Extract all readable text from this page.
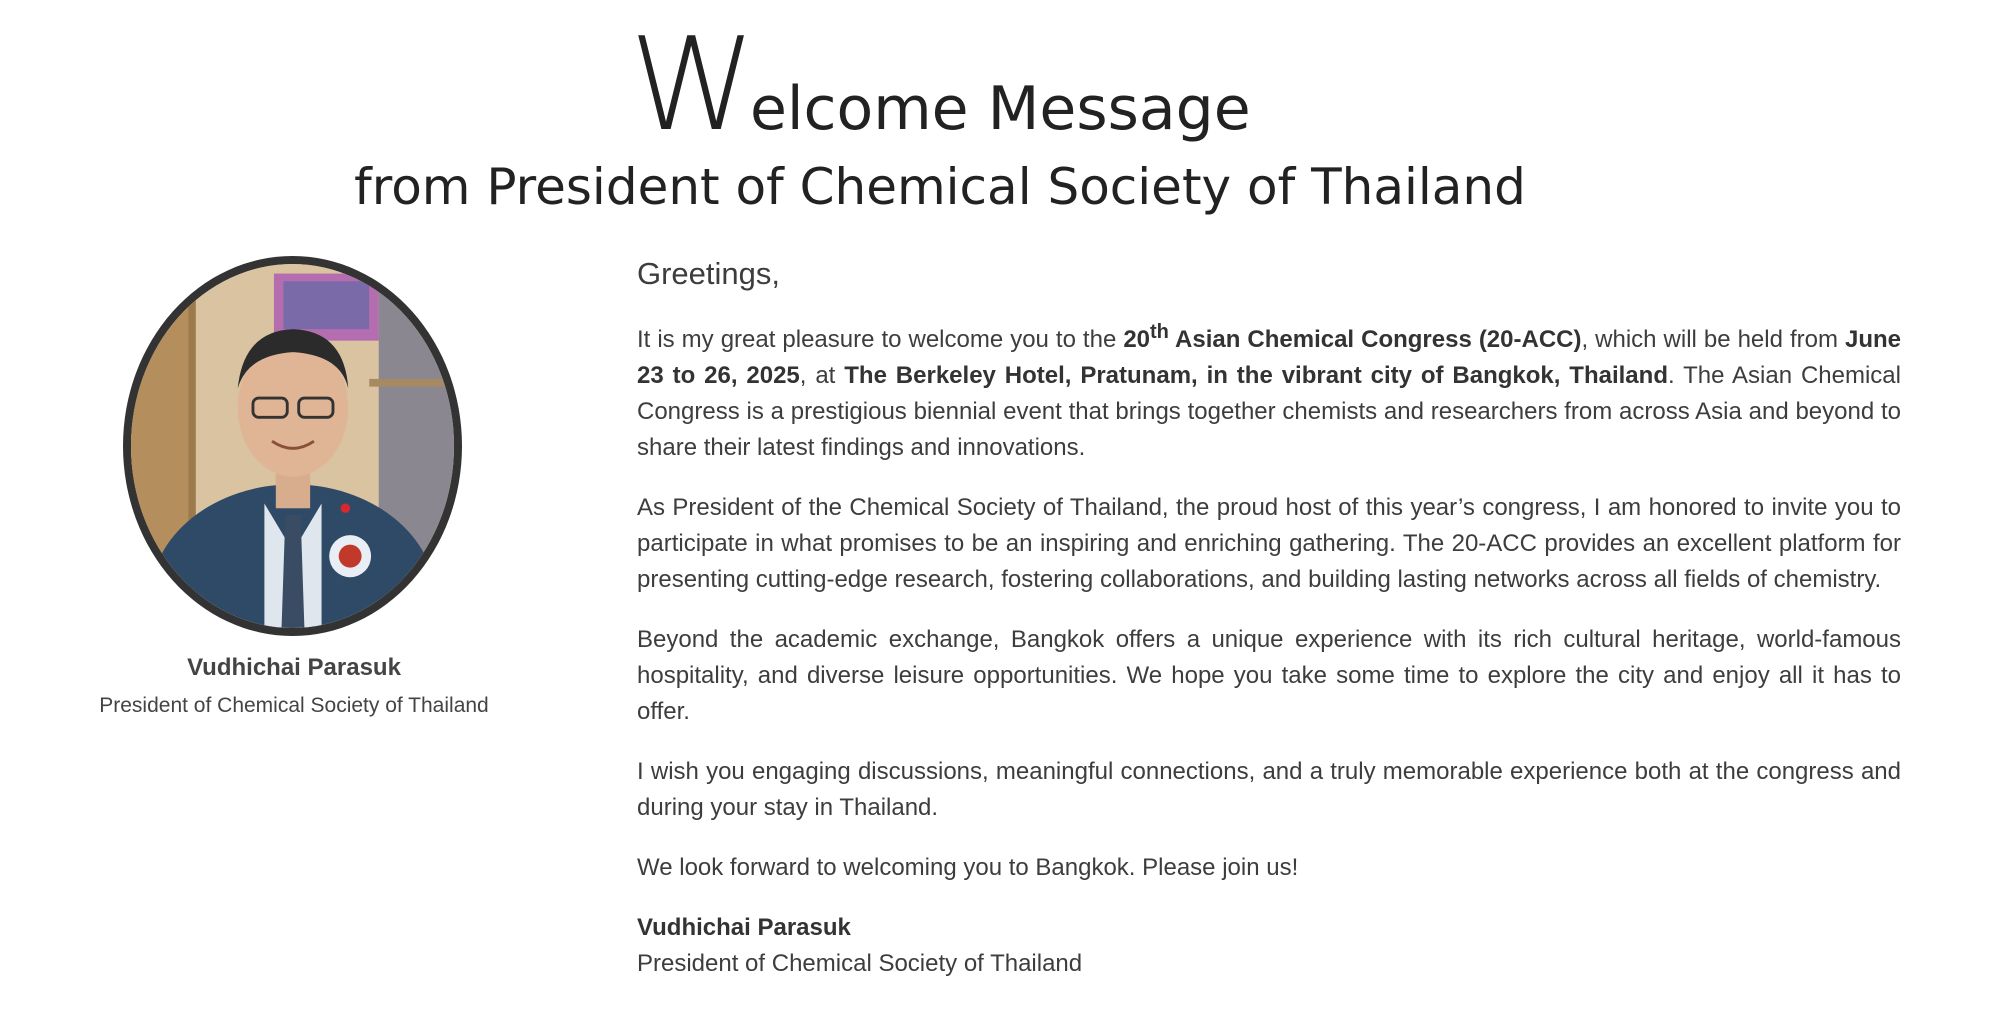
Welcome Message
from President of Chemical Society of Thailand
Vudhichai Parasuk
President of Chemical Society of Thailand
Greetings,

It is my great pleasure to welcome you to the 20th Asian Chemical Congress (20-ACC), which will be held from June 23 to 26, 2025, at The Berkeley Hotel, Pratunam, in the vibrant city of Bangkok, Thailand. The Asian Chemical Congress is a prestigious biennial event that brings together chemists and researchers from across Asia and beyond to share their latest findings and innovations.

As President of the Chemical Society of Thailand, the proud host of this year’s congress, I am honored to invite you to participate in what promises to be an inspiring and enriching gathering. The 20-ACC provides an excellent platform for presenting cutting-edge research, fostering collaborations, and building lasting networks across all fields of chemistry.

Beyond the academic exchange, Bangkok offers a unique experience with its rich cultural heritage, world-famous hospitality, and diverse leisure opportunities. We hope you take some time to explore the city and enjoy all it has to offer.

I wish you engaging discussions, meaningful connections, and a truly memorable experience both at the congress and during your stay in Thailand.

We look forward to welcoming you to Bangkok. Please join us!

Vudhichai Parasuk

President of Chemical Society of Thailand
